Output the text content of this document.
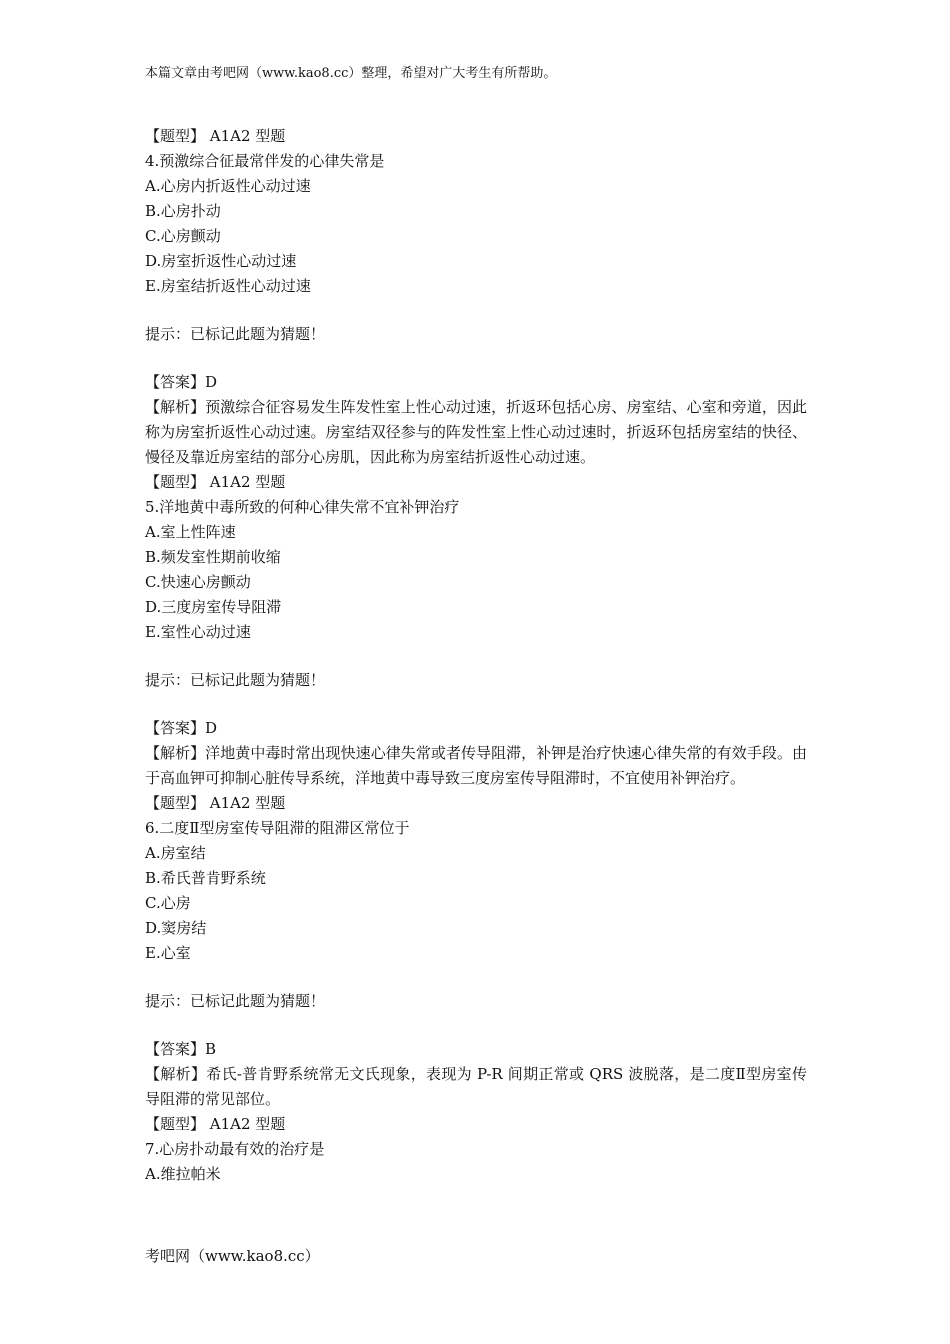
本篇文章由考吧网（www.kao8.cc）整理，希望对广大考生有所帮助。
【题型】 A1A2 型题
4.预激综合征最常伴发的心律失常是
A.心房内折返性心动过速
B.心房扑动
C.心房颤动
D.房室折返性心动过速
E.房室结折返性心动过速
提示：已标记此题为猜题！
【答案】D
【解析】预激综合征容易发生阵发性室上性心动过速，折返环包括心房、房室结、心室和旁道，因此称为房室折返性心动过速。房室结双径参与的阵发性室上性心动过速时，折返环包括房室结的快径、慢径及靠近房室结的部分心房肌，因此称为房室结折返性心动过速。
【题型】 A1A2 型题
5.洋地黄中毒所致的何种心律失常不宜补钾治疗
A.室上性阵速
B.频发室性期前收缩
C.快速心房颤动
D.三度房室传导阻滞
E.室性心动过速
提示：已标记此题为猜题！
【答案】D
【解析】洋地黄中毒时常出现快速心律失常或者传导阻滞，补钾是治疗快速心律失常的有效手段。由于高血钾可抑制心脏传导系统，洋地黄中毒导致三度房室传导阻滞时，不宜使用补钾治疗。
【题型】 A1A2 型题
6.二度Ⅱ型房室传导阻滞的阻滞区常位于
A.房室结
B.希氏普肯野系统
C.心房
D.窦房结
E.心室
提示：已标记此题为猜题！
【答案】B
【解析】希氏-普肯野系统常无文氏现象，表现为 P-R 间期正常或 QRS 波脱落，是二度Ⅱ型房室传导阻滞的常见部位。
【题型】 A1A2 型题
7.心房扑动最有效的治疗是
A.维拉帕米
考吧网（www.kao8.cc）
